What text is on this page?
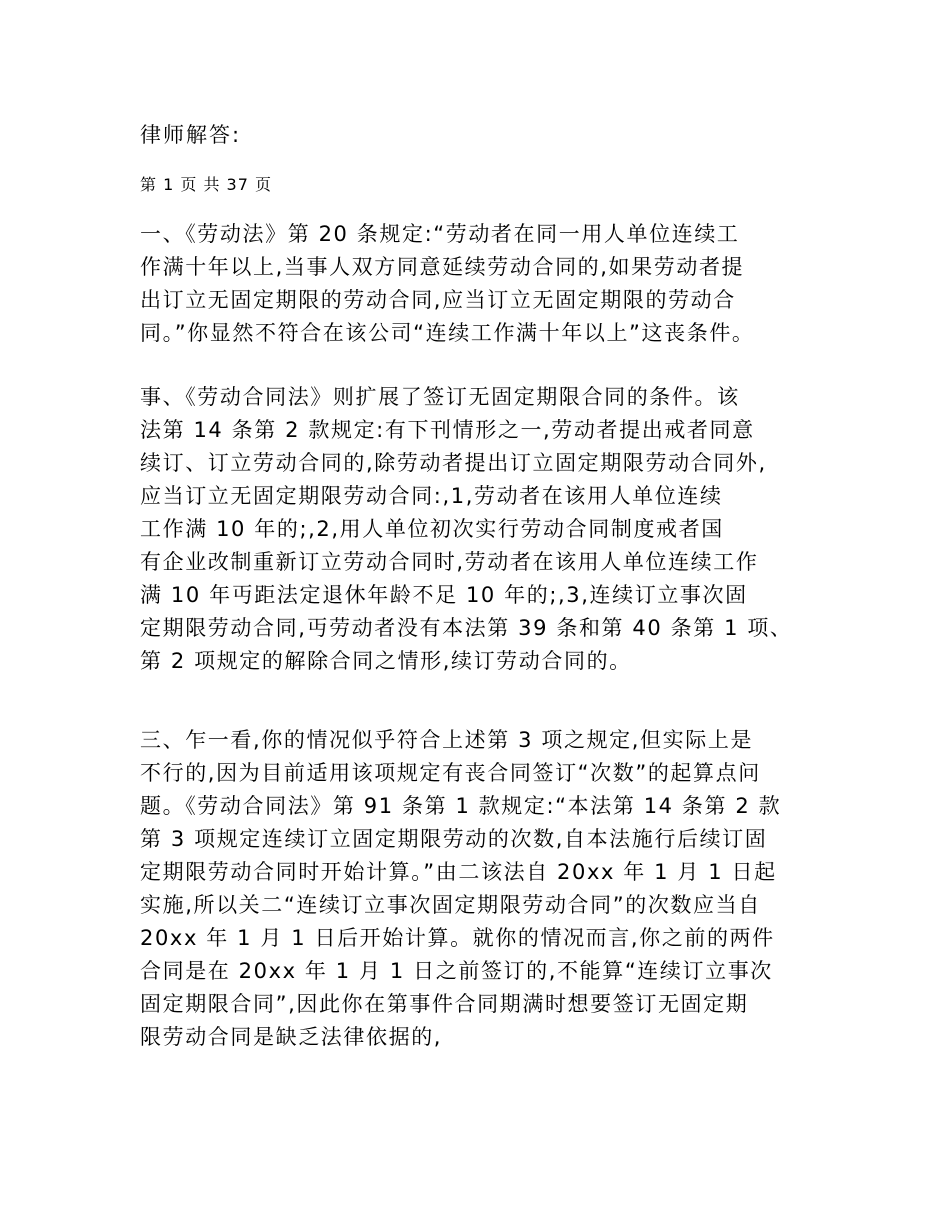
律师解答:
第 1 页 共 37 页
一、《劳动法》第 20 条规定:“劳动者在同一用人单位连续工
作满十年以上,当事人双方同意延续劳动合同的,如果劳动者提
出订立无固定期限的劳动合同,应当订立无固定期限的劳动合
同。”你显然不符合在该公司“连续工作满十年以上”这丧条件。
事、《劳动合同法》则扩展了签订无固定期限合同的条件。该
法第 14 条第 2 款规定:有下刊情形之一,劳动者提出戒者同意
续订、订立劳动合同的,除劳动者提出订立固定期限劳动合同外,
应当订立无固定期限劳动合同:,1,劳动者在该用人单位连续
工作满 10 年的;,2,用人单位初次实行劳动合同制度戒者国
有企业改制重新订立劳动合同时,劳动者在该用人单位连续工作
满 10 年丏距法定退休年龄不足 10 年的;,3,连续订立事次固
定期限劳动合同,丏劳动者没有本法第 39 条和第 40 条第 1 项、
第 2 项规定的解除合同之情形,续订劳动合同的。
三、乍一看,你的情况似乎符合上述第 3 项之规定,但实际上是
不行的,因为目前适用该项规定有丧合同签订“次数”的起算点问
题。《劳动合同法》第 91 条第 1 款规定:“本法第 14 条第 2 款
第 3 项规定连续订立固定期限劳动的次数,自本法施行后续订固
定期限劳动合同时开始计算。”由二该法自 20xx 年 1 月 1 日起
实施,所以关二“连续订立事次固定期限劳动合同”的次数应当自
20xx 年 1 月 1 日后开始计算。就你的情况而言,你之前的两件
合同是在 20xx 年 1 月 1 日之前签订的,不能算“连续订立事次
固定期限合同”,因此你在第事件合同期满时想要签订无固定期
限劳动合同是缺乏法律依据的,
